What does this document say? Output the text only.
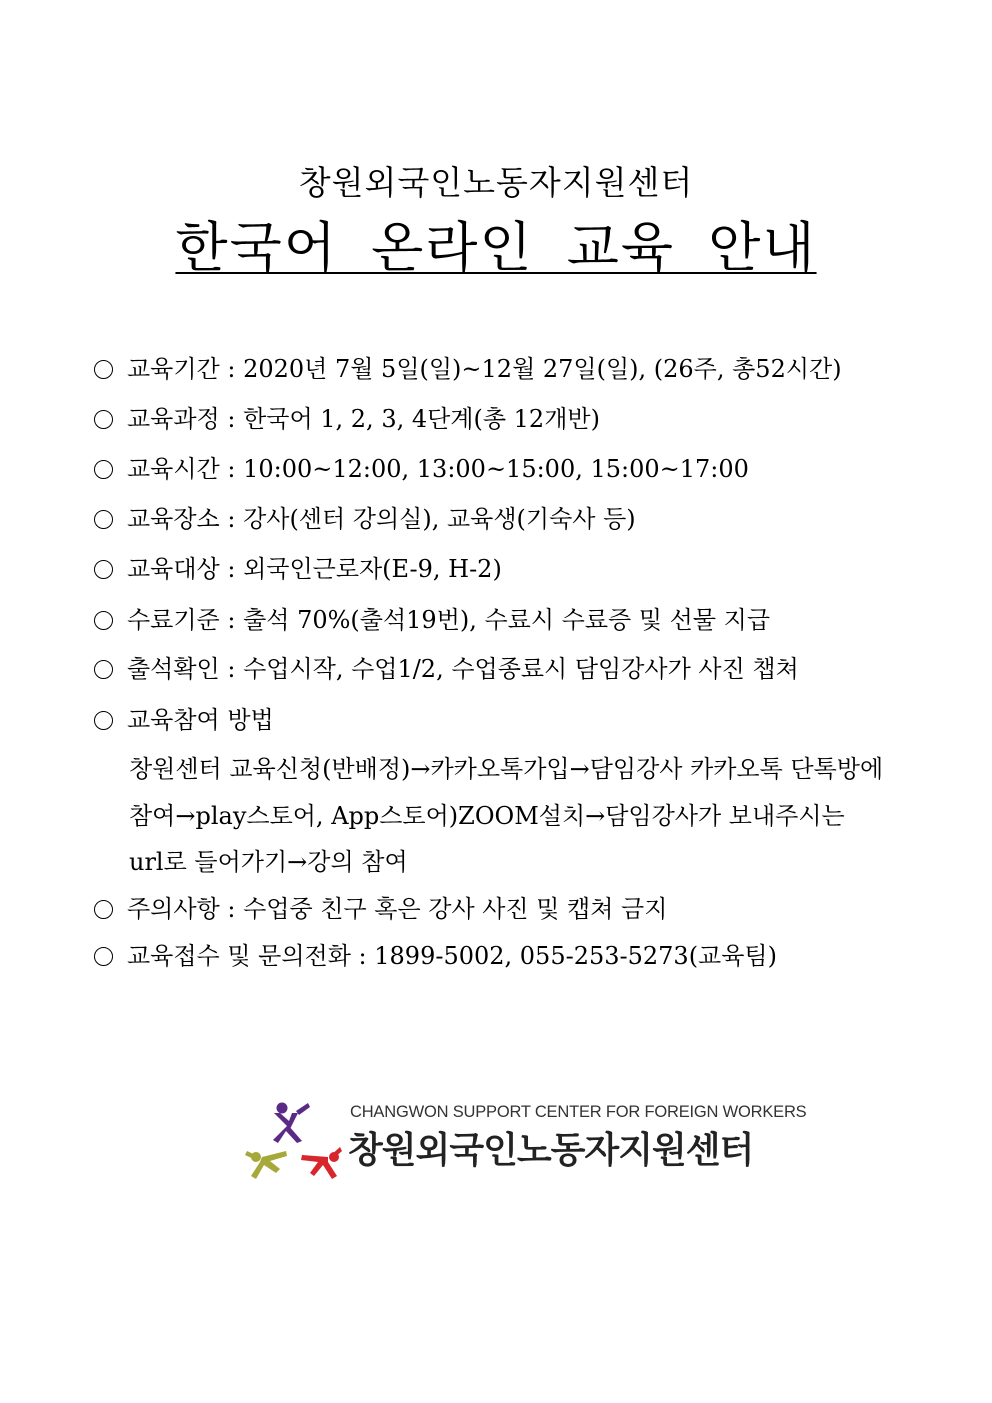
창원외국인노동자지원센터
한국어 온라인 교육 안내
교육기간 : 2020년 7월 5일(일)~12월 27일(일), (26주, 총52시간)
교육과정 : 한국어 1, 2, 3, 4단계(총 12개반)
교육시간 : 10:00~12:00, 13:00~15:00, 15:00~17:00
교육장소 : 강사(센터 강의실), 교육생(기숙사 등)
교육대상 : 외국인근로자(E-9, H-2)
수료기준 : 출석 70%(출석19번), 수료시 수료증 및 선물 지급
출석확인 : 수업시작, 수업1/2, 수업종료시 담임강사가 사진 챕쳐
교육참여 방법
창원센터 교육신청(반배정)→카카오톡가입→담임강사 카카오톡 단톡방에
참여→play스토어, App스토어)ZOOM설치→담임강사가 보내주시는
url로 들어가기→강의 참여
주의사항 : 수업중 친구 혹은 강사 사진 및 캡쳐 금지
교육접수 및 문의전화 : 1899-5002, 055-253-5273(교육팀)
CHANGWON SUPPORT CENTER FOR FOREIGN WORKERS
창원외국인노동자지원센터
